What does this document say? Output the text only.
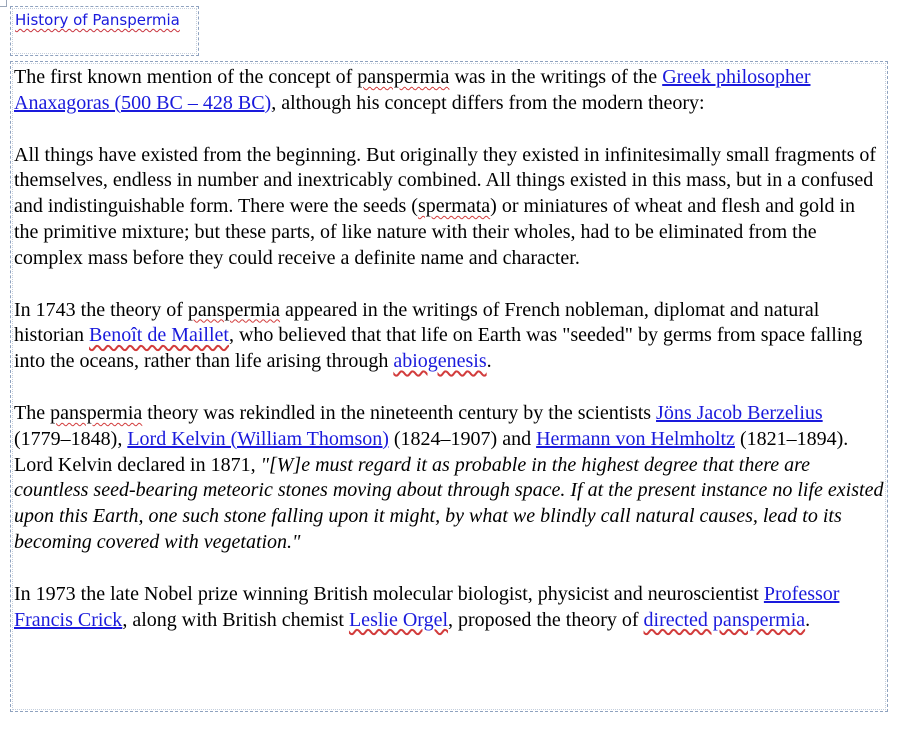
History of Panspermia

The first known mention of the concept of panspermia was in the writings of the Greek philosopher Anaxagoras (500 BC – 428 BC), although his concept differs from the modern theory:

All things have existed from the beginning. But originally they existed in infinitesimally small fragments of themselves, endless in number and inextricably combined. All things existed in this mass, but in a confused and indistinguishable form. There were the seeds (spermata) or miniatures of wheat and flesh and gold in the primitive mixture; but these parts, of like nature with their wholes, had to be eliminated from the complex mass before they could receive a definite name and character.

In 1743 the theory of panspermia appeared in the writings of French nobleman, diplomat and natural historian Benoît de Maillet, who believed that that life on Earth was "seeded" by germs from space falling into the oceans, rather than life arising through abiogenesis.

The panspermia theory was rekindled in the nineteenth century by the scientists Jöns Jacob Berzelius (1779–1848), Lord Kelvin (William Thomson) (1824–1907) and Hermann von Helmholtz (1821–1894). Lord Kelvin declared in 1871, "[W]e must regard it as probable in the highest degree that there are countless seed-bearing meteoric stones moving about through space. If at the present instance no life existed upon this Earth, one such stone falling upon it might, by what we blindly call natural causes, lead to its becoming covered with vegetation."

In 1973 the late Nobel prize winning British molecular biologist, physicist and neuroscientist Professor Francis Crick, along with British chemist Leslie Orgel, proposed the theory of directed panspermia.
